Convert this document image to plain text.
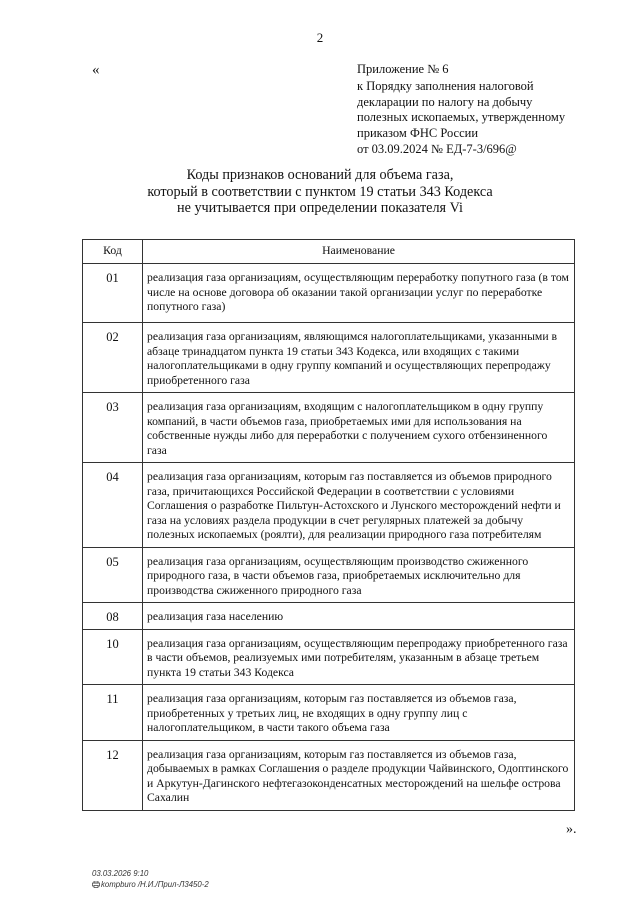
2
«	Приложение № 6
к Порядку заполнения налоговой
декларации по налогу на добычу
полезных ископаемых, утвержденному
приказом ФНС России
от 03.09.2024 № ЕД-7-3/696@
Коды признаков оснований для объема газа,
который в соответствии с пунктом 19 статьи 343 Кодекса
не учитывается при определении показателя Vi
Код	Наименование
01	реализация газа организациям, осуществляющим переработку попутного газа (в том числе на основе договора об оказании такой организации услуг по переработке попутного газа)
02	реализация газа организациям, являющимся налогоплательщиками, указанными в абзаце тринадцатом пункта 19 статьи 343 Кодекса, или входящих с такими налогоплательщиками в одну группу компаний и осуществляющих перепродажу приобретенного газа
03	реализация газа организациям, входящим с налогоплательщиком в одну группу компаний, в части объемов газа, приобретаемых ими для использования на собственные нужды либо для переработки с получением сухого отбензиненного газа
04	реализация газа организациям, которым газ поставляется из объемов природного газа, причитающихся Российской Федерации в соответствии с условиями Соглашения о разработке Пильтун-Астохского и Лунского месторождений нефти и газа на условиях раздела продукции в счет регулярных платежей за добычу полезных ископаемых (роялти), для реализации природного газа потребителям
05	реализация газа организациям, осуществляющим производство сжиженного природного газа, в части объемов газа, приобретаемых исключительно для производства сжиженного природного газа
08	реализация газа населению
10	реализация газа организациям, осуществляющим перепродажу приобретенного газа в части объемов, реализуемых ими потребителям, указанным в абзаце третьем пункта 19 статьи 343 Кодекса
11	реализация газа организациям, которым газ поставляется из объемов газа, приобретенных у третьих лиц, не входящих в одну группу лиц с налогоплательщиком, в части такого объема газа
12	реализация газа организациям, которым газ поставляется из объемов газа, добываемых в рамках Соглашения о разделе продукции Чайвинского, Одоптинского и Аркутун-Дагинского нефтегазоконденсатных месторождений на шельфе острова Сахалин
».
03.03.2026 9:10
kompburo /Н.И./Прил-Л3450-2
